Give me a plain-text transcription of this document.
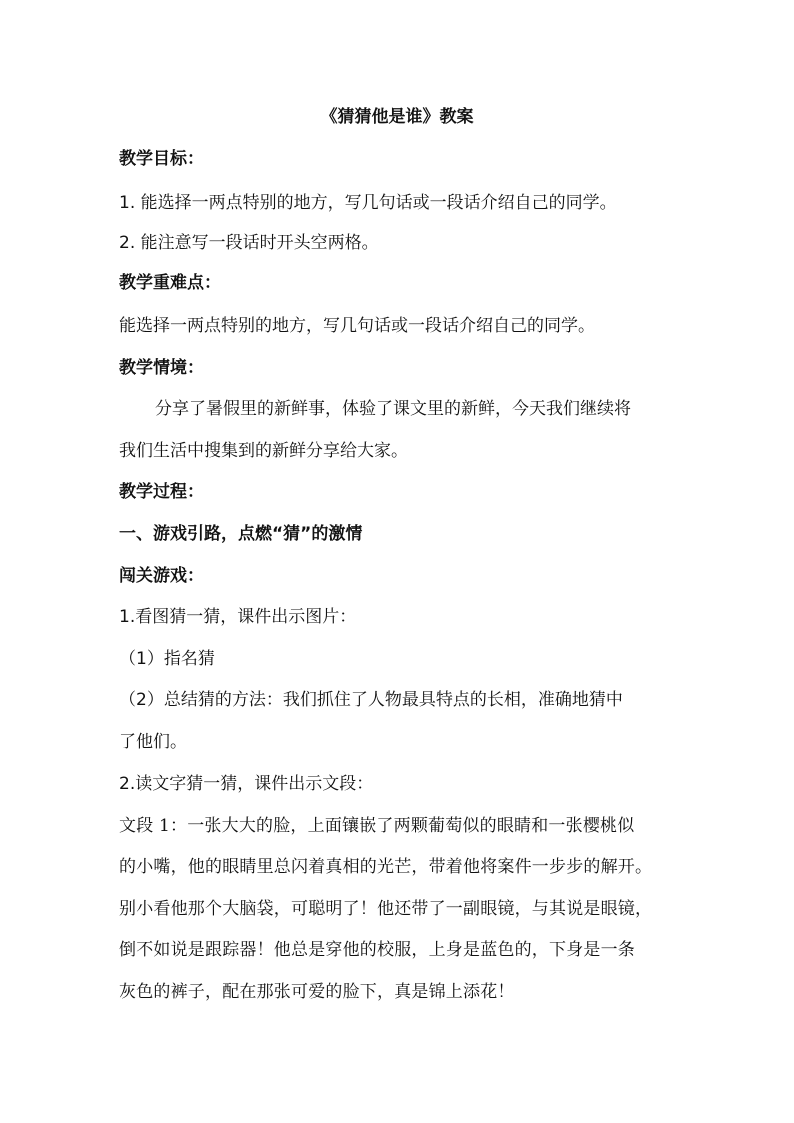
《猜猜他是谁》教案
教学目标：
1. 能选择一两点特别的地方，写几句话或一段话介绍自己的同学。
2. 能注意写一段话时开头空两格。
教学重难点：
能选择一两点特别的地方，写几句话或一段话介绍自己的同学。
教学情境：
分享了暑假里的新鲜事，体验了课文里的新鲜，今天我们继续将
我们生活中搜集到的新鲜分享给大家。
教学过程：
一、游戏引路，点燃“猜”的激情
闯关游戏：
1.看图猜一猜，课件出示图片：
（1）指名猜
（2）总结猜的方法：我们抓住了人物最具特点的长相，准确地猜中
了他们。
2.读文字猜一猜，课件出示文段：
文段 1：一张大大的脸，上面镶嵌了两颗葡萄似的眼睛和一张樱桃似
的小嘴，他的眼睛里总闪着真相的光芒，带着他将案件一步步的解开。
别小看他那个大脑袋，可聪明了！他还带了一副眼镜，与其说是眼镜，
倒不如说是跟踪器！他总是穿他的校服，上身是蓝色的，下身是一条
灰色的裤子，配在那张可爱的脸下，真是锦上添花！
